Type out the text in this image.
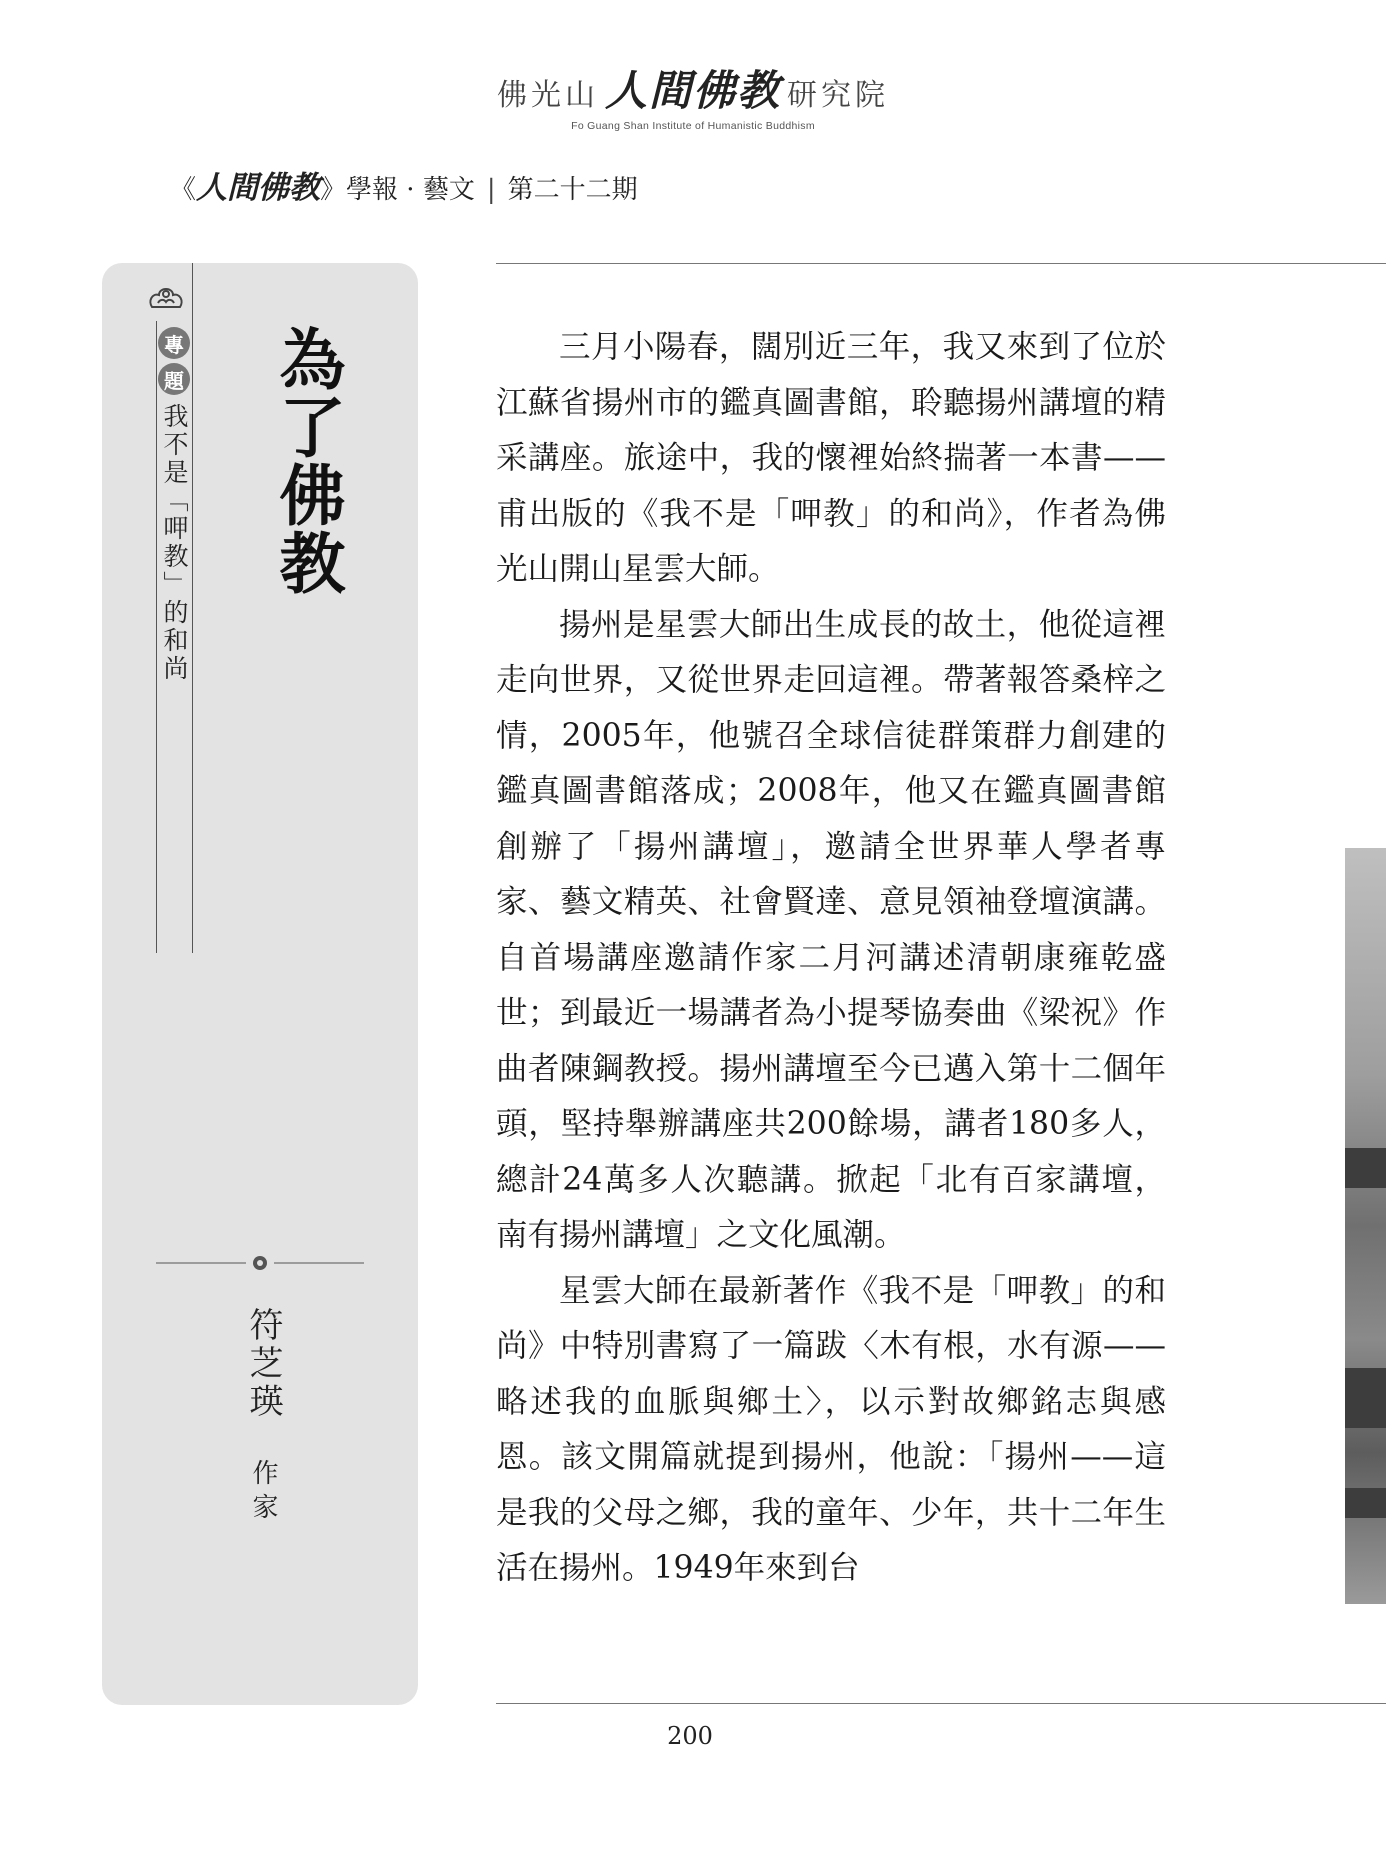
佛光山 人間佛教 研究院
Fo Guang Shan Institute of Humanistic Buddhism
《 人間佛教 》 學報 · 藝文 | 第二十二期
專
題
我不是「呷教」的和尚 為了佛教
符芝瑛
作家

三月小陽春，闊別近三年，我又來到了位於江蘇省揚州市的鑑真圖書館，聆聽揚州講壇的精采講座。旅途中，我的懷裡始終揣著一本書——甫出版的《我不是「呷教」的和尚》，作者為佛光山開山星雲大師。

揚州是星雲大師出生成長的故土，他從這裡走向世界，又從世界走回這裡。帶著報答桑梓之情，2005年，他號召全球信徒群策群力創建的鑑真圖書館落成；2008年，他又在鑑真圖書館創辦了「揚州講壇」，邀請全世界華人學者專家、藝文精英、社會賢達、意見領袖登壇演講。自首場講座邀請作家二月河講述清朝康雍乾盛世；到最近一場講者為小提琴協奏曲《梁祝》作曲者陳鋼教授。揚州講壇至今已邁入第十二個年頭，堅持舉辦講座共200餘場，講者180多人，總計24萬多人次聽講。掀起「北有百家講壇，南有揚州講壇」之文化風潮。

星雲大師在最新著作《我不是「呷教」的和尚》中特別書寫了一篇跋〈木有根，水有源——略述我的血脈與鄉土〉，以示對故鄉銘志與感恩。該文開篇就提到揚州，他說：「揚州——這是我的父母之鄉，我的童年、少年，共十二年生活在揚州。1949年來到台

200
